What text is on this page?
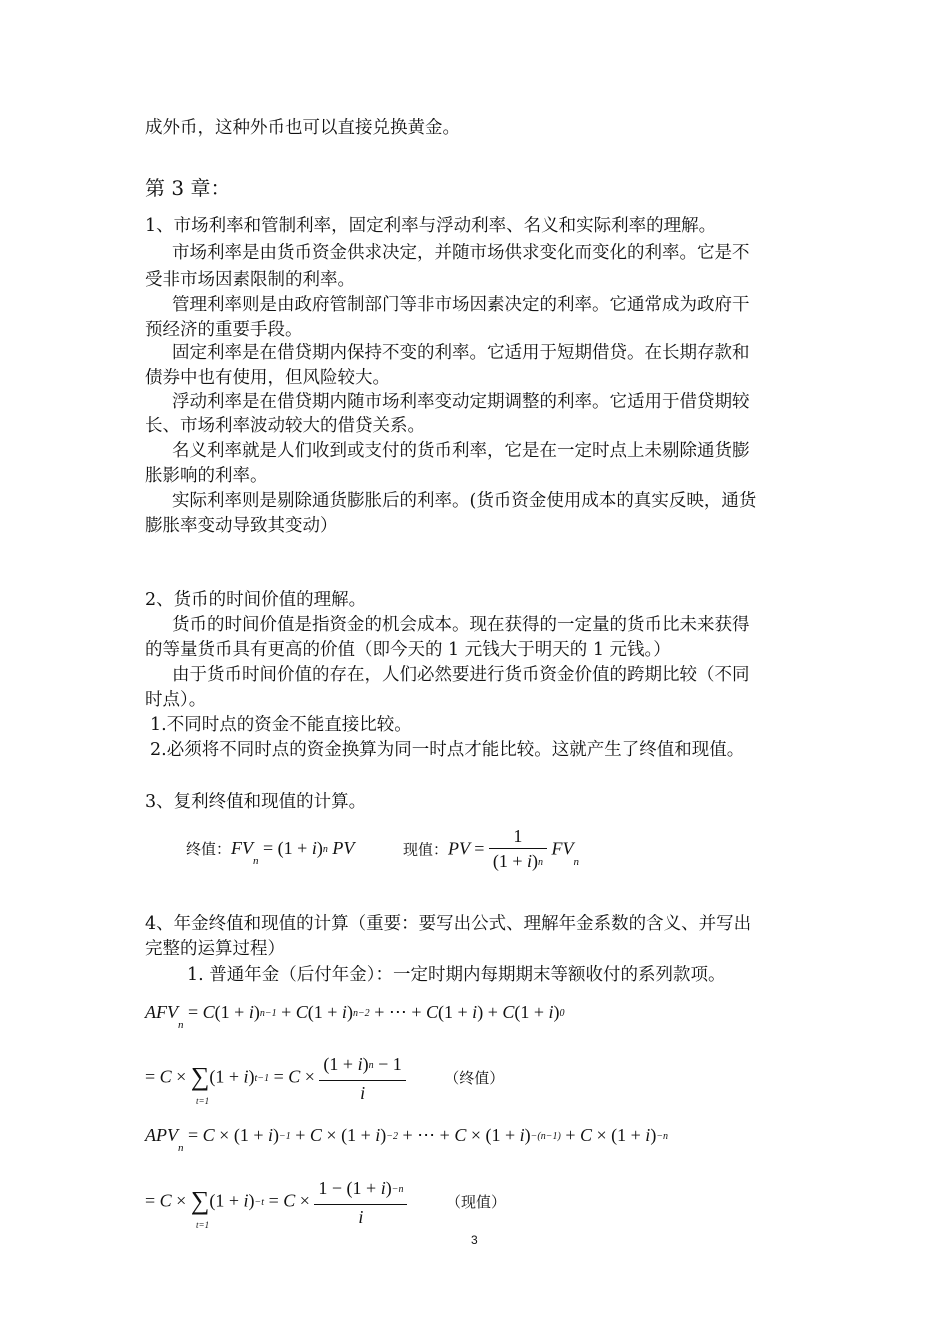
成外币，这种外币也可以直接兑换黄金。
第 3 章：
1、市场利率和管制利率，固定利率与浮动利率、名义和实际利率的理解。
市场利率是由货币资金供求决定，并随市场供求变化而变化的利率。它是不
受非市场因素限制的利率。
管理利率则是由政府管制部门等非市场因素决定的利率。它通常成为政府干
预经济的重要手段。
固定利率是在借贷期内保持不变的利率。它适用于短期借贷。在长期存款和
债券中也有使用，但风险较大。
浮动利率是在借贷期内随市场利率变动定期调整的利率。它适用于借贷期较
长、市场利率波动较大的借贷关系。
名义利率就是人们收到或支付的货币利率，它是在一定时点上未剔除通货膨
胀影响的利率。
实际利率则是剔除通货膨胀后的利率。(货币资金使用成本的真实反映，通货
膨胀率变动导致其变动）
2、货币的时间价值的理解。
货币的时间价值是指资金的机会成本。现在获得的一定量的货币比未来获得
的等量货币具有更高的价值（即今天的 1 元钱大于明天的 1 元钱。）
由于货币时间价值的存在，人们必然要进行货币资金价值的跨期比较（不同
时点）。
1.不同时点的资金不能直接比较。
2.必须将不同时点的资金换算为同一时点才能比较。这就产生了终值和现值。
3、复利终值和现值的计算。
终值：$FV_n = (1 + i)n$ PV	现值：PV = $\frac{1}{(1 + i)n} FV_n$
4、年金终值和现值的计算（重要：要写出公式、理解年金系数的含义、并写出
完整的运算过程）
1. 普通年金（后付年金）：一定时期内每期期末等额收付的系列款项。
$AFV_n = C(1 + i)n-1 + C(1 + i)n-2$ + ⋯ + C(1 + i) + C(1 + i)0
= $C \times \sum(1 + i)t-1 = C \times \frac{(1 + i)n - 1}{i}$	（终值）
t=1
$APV_n = C \times (1 + i)-1 + C \times (1 + i)-2$ + ⋯ + C × (1 + i)−(n−1) + C × (1 + i)−n
= $C \times \sum(1 + i)-t = C \times \frac{1 - (1 + i)-n}{i}$	（现值）
t=1
3
